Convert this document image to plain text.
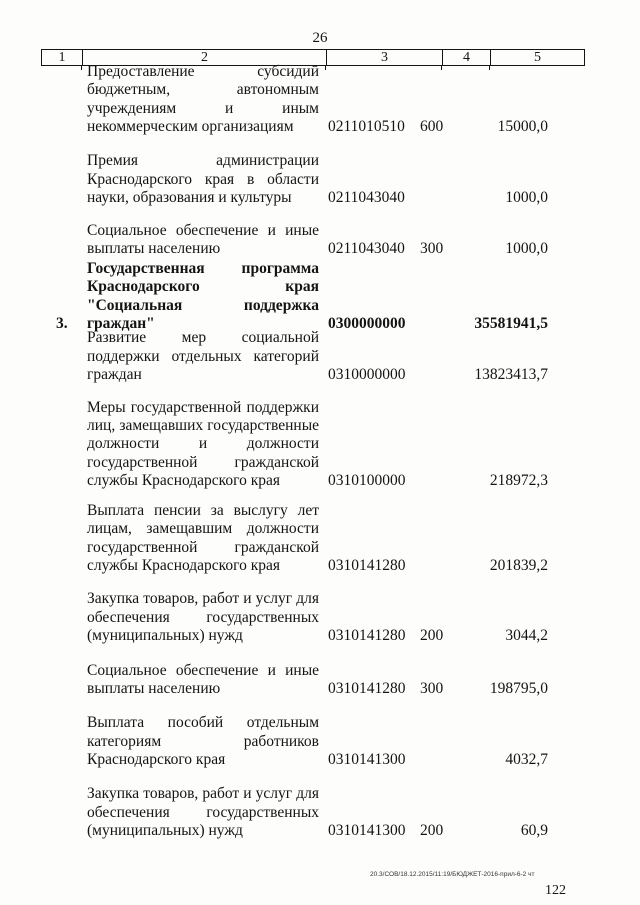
26
1	2	3	4	5
Предоставление субсидий бюджетным, автономным учреждениям и иным некоммерческим организациям	0211010510 600	15000,0
Премия администрации Краснодарского края в области науки, образования и культуры	0211043040	1000,0
Социальное обеспечение и иные выплаты населению	0211043040 300	1000,0
3.
Государственная программа Краснодарского края "Социальная поддержка граждан"	0300000000	35581941,5
Развитие мер социальной поддержки отдельных категорий граждан	0310000000	13823413,7
Меры государственной поддержки лиц, замещавших государственные должности и должности государственной гражданской службы Краснодарского края	0310100000	218972,3
Выплата пенсии за выслугу лет лицам, замещавшим должности государственной гражданской службы Краснодарского края	0310141280	201839,2
Закупка товаров, работ и услуг для обеспечения государственных (муниципальных) нужд	0310141280 200	3044,2
Социальное обеспечение и иные выплаты населению	0310141280 300	198795,0
Выплата пособий отдельным категориям работников Краснодарского края	0310141300	4032,7
Закупка товаров, работ и услуг для обеспечения государственных (муниципальных) нужд	0310141300 200	60,9
20.3/СОВ/18.12.2015/11:19/БЮДЖЕТ-2016-прил-6-2 чт
122
